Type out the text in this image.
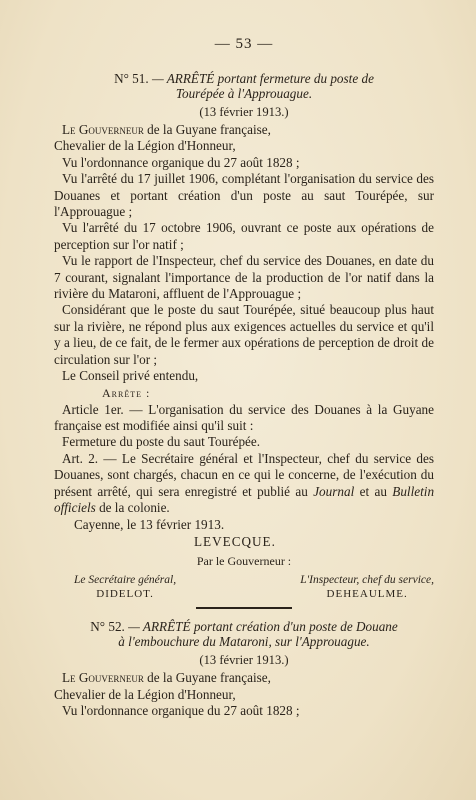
— 53 —
N° 51. — ARRÊTÉ portant fermeture du poste de
Tourépée à l'Approuague.
(13 février 1913.)

Le Gouverneur de la Guyane française,

Chevalier de la Légion d'Honneur,

Vu l'ordonnance organique du 27 août 1828 ;

Vu l'arrêté du 17 juillet 1906, complétant l'organisation du service des Douanes et portant création d'un poste au saut Tourépée, sur l'Approuague ;

Vu l'arrêté du 17 octobre 1906, ouvrant ce poste aux opérations de perception sur l'or natif ;

Vu le rapport de l'Inspecteur, chef du service des Douanes, en date du 7 courant, signalant l'importance de la production de l'or natif dans la rivière du Mataroni, affluent de l'Approuague ;

Considérant que le poste du saut Tourépée, situé beaucoup plus haut sur la rivière, ne répond plus aux exigences actuelles du service et qu'il y a lieu, de ce fait, de le fermer aux opérations de perception de droit de circulation sur l'or ;

Le Conseil privé entendu,

Arrête :

Article 1er. — L'organisation du service des Douanes à la Guyane française est modifiée ainsi qu'il suit :

Fermeture du poste du saut Tourépée.

Art. 2. — Le Secrétaire général et l'Inspecteur, chef du service des Douanes, sont chargés, chacun en ce qui le concerne, de l'exécution du présent arrêté, qui sera enregistré et publié au Journal et au Bulletin officiels de la colonie.

Cayenne, le 13 février 1913.
LEVECQUE.
Par le Gouverneur :
Le Secrétaire général,
DIDELOT.
L'Inspecteur, chef du service,
DEHEAULME.
N° 52. — ARRÊTÉ portant création d'un poste de Douane
à l'embouchure du Mataroni, sur l'Approuague.
(13 février 1913.)

Le Gouverneur de la Guyane française,

Chevalier de la Légion d'Honneur,

Vu l'ordonnance organique du 27 août 1828 ;
